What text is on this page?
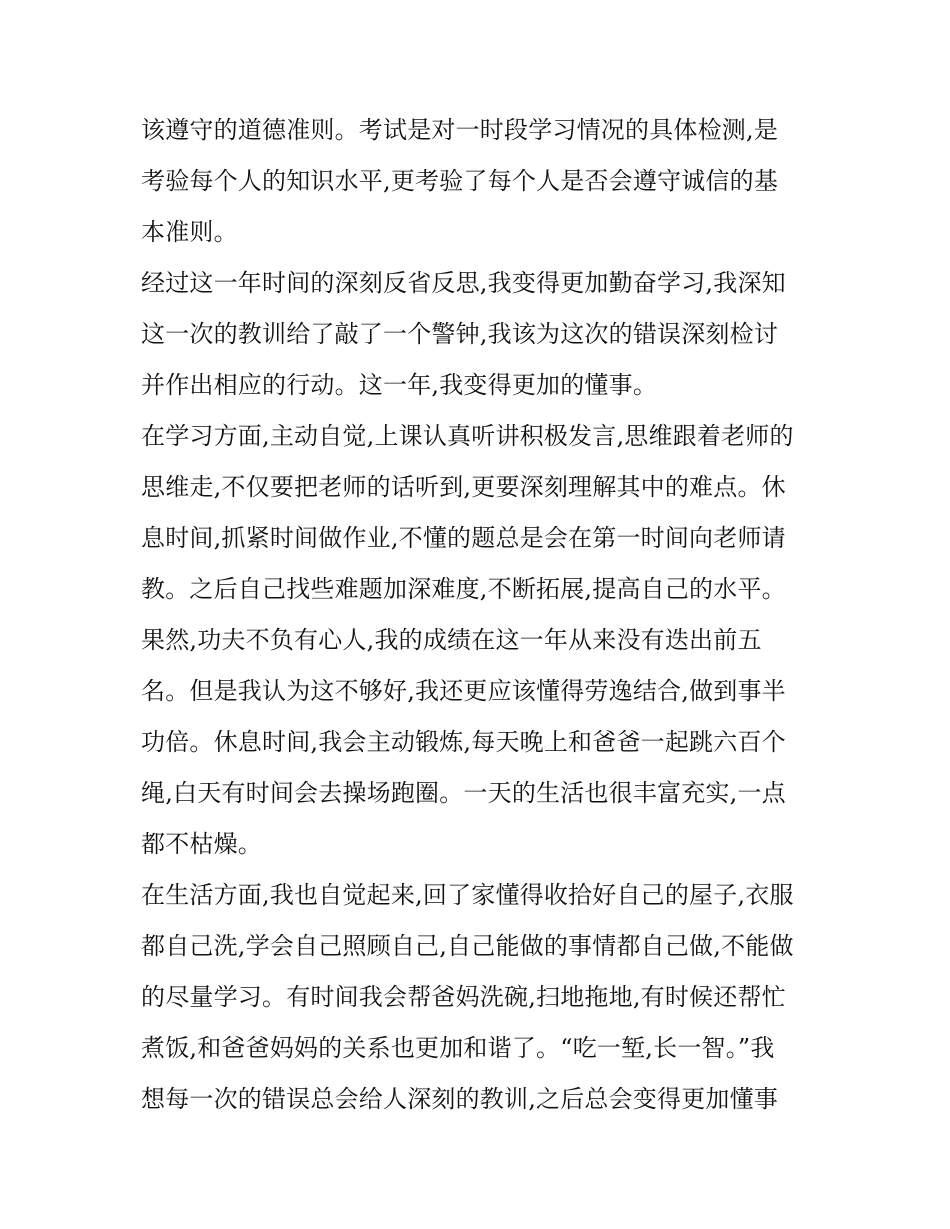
该遵守的道德准则。考试是对一时段学习情况的具体检测,是
考验每个人的知识水平,更考验了每个人是否会遵守诚信的基
本准则。
经过这一年时间的深刻反省反思,我变得更加勤奋学习,我深知
这一次的教训给了敲了一个警钟,我该为这次的错误深刻检讨
并作出相应的行动。这一年,我变得更加的懂事。
在学习方面,主动自觉,上课认真听讲积极发言,思维跟着老师的
思维走,不仅要把老师的话听到,更要深刻理解其中的难点。休
息时间,抓紧时间做作业,不懂的题总是会在第一时间向老师请
教。之后自己找些难题加深难度,不断拓展,提高自己的水平。
果然,功夫不负有心人,我的成绩在这一年从来没有迭出前五
名。但是我认为这不够好,我还更应该懂得劳逸结合,做到事半
功倍。休息时间,我会主动锻炼,每天晚上和爸爸一起跳六百个
绳,白天有时间会去操场跑圈。一天的生活也很丰富充实,一点
都不枯燥。
在生活方面,我也自觉起来,回了家懂得收拾好自己的屋子,衣服
都自己洗,学会自己照顾自己,自己能做的事情都自己做,不能做
的尽量学习。有时间我会帮爸妈洗碗,扫地拖地,有时候还帮忙
煮饭,和爸爸妈妈的关系也更加和谐了。“吃一堑,长一智。”我
想每一次的错误总会给人深刻的教训,之后总会变得更加懂事
